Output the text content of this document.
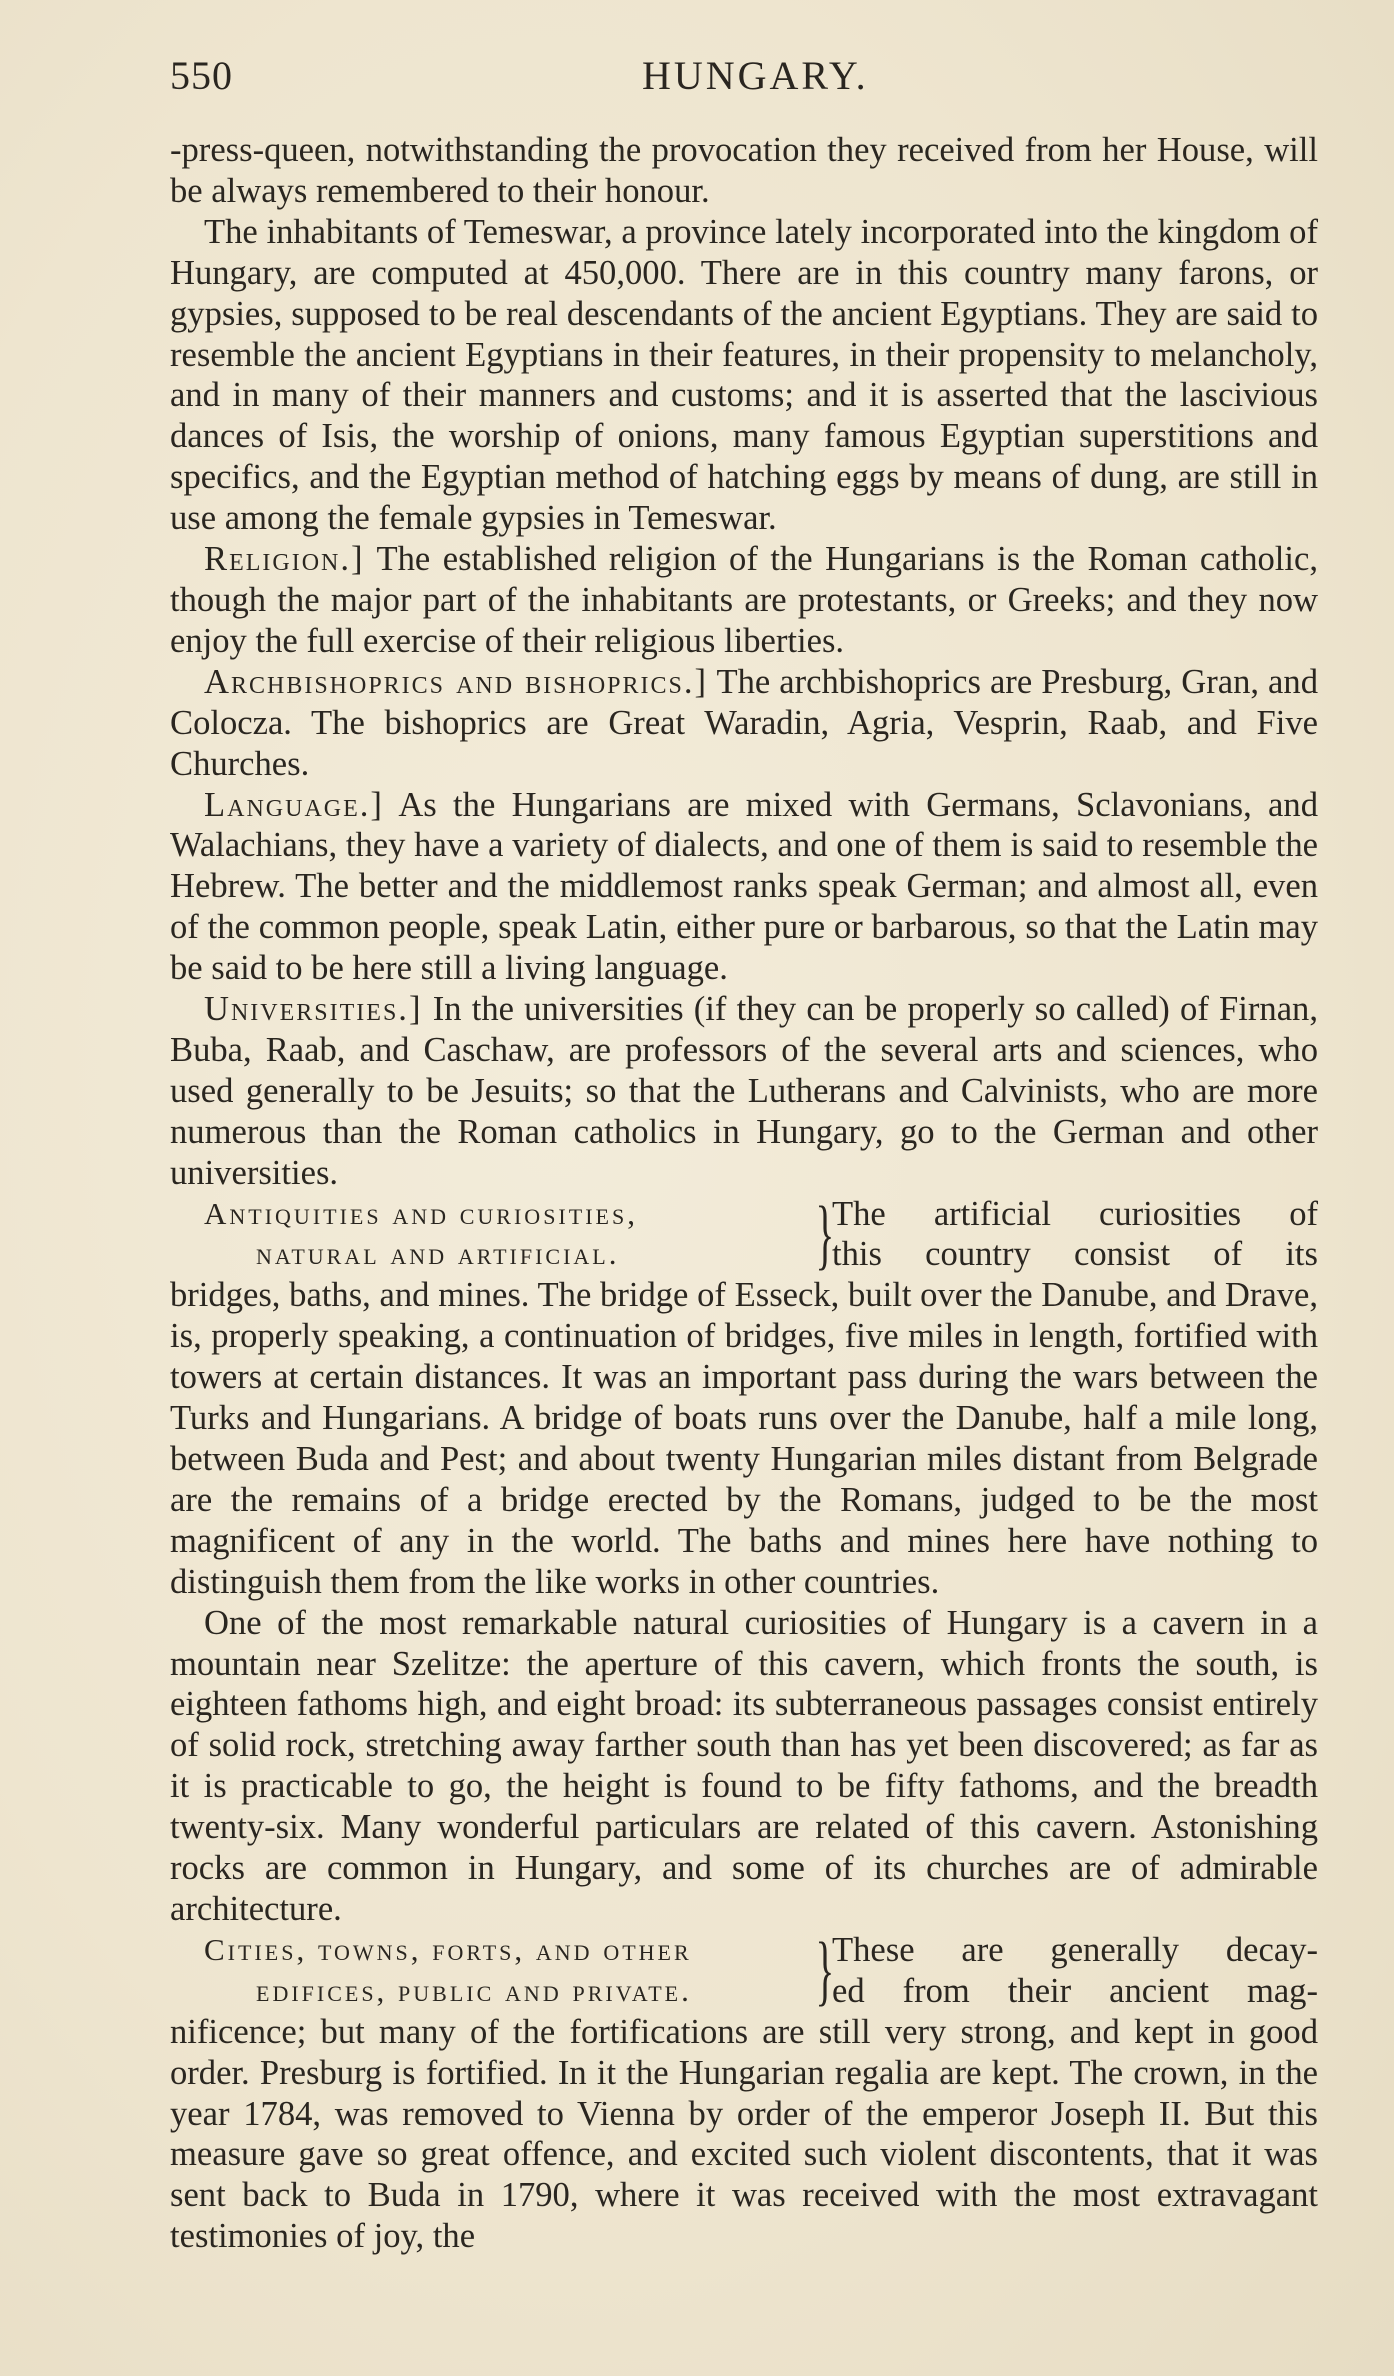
550	HUNGARY.

-press-queen, notwithstanding the provocation they received from her House, will be always remembered to their honour.

The inhabitants of Temeswar, a province lately incorporated into the kingdom of Hungary, are computed at 450,000. There are in this country many farons, or gypsies, supposed to be real descendants of the ancient Egyptians. They are said to resemble the ancient Egyptians in their features, in their propensity to melancholy, and in many of their manners and customs; and it is asserted that the lascivious dances of Isis, the worship of onions, many famous Egyptian superstitions and specifics, and the Egyptian method of hatching eggs by means of dung, are still in use among the female gypsies in Temeswar.

Religion.] The established religion of the Hungarians is the Roman catholic, though the major part of the inhabitants are protestants, or Greeks; and they now enjoy the full exercise of their religious liberties.

Archbishoprics and bishoprics.] The archbishoprics are Presburg, Gran, and Colocza. The bishoprics are Great Waradin, Agria, Vesprin, Raab, and Five Churches.

Language.] As the Hungarians are mixed with Germans, Sclavonians, and Walachians, they have a variety of dialects, and one of them is said to resemble the Hebrew. The better and the middlemost ranks speak German; and almost all, even of the common people, speak Latin, either pure or barbarous, so that the Latin may be said to be here still a living language.

Universities.] In the universities (if they can be properly so called) of Firnan, Buba, Raab, and Caschaw, are professors of the several arts and sciences, who used generally to be Jesuits; so that the Lutherans and Calvinists, who are more numerous than the Roman catholics in Hungary, go to the German and other universities.

Antiquities and curiosities,
natural and artificial.	}
The artificial curiosities of
this country consist of its

bridges, baths, and mines. The bridge of Esseck, built over the Danube, and Drave, is, properly speaking, a continuation of bridges, five miles in length, fortified with towers at certain distances. It was an important pass during the wars between the Turks and Hungarians. A bridge of boats runs over the Danube, half a mile long, between Buda and Pest; and about twenty Hungarian miles distant from Belgrade are the remains of a bridge erected by the Romans, judged to be the most magnificent of any in the world. The baths and mines here have nothing to distinguish them from the like works in other countries.

One of the most remarkable natural curiosities of Hungary is a cavern in a mountain near Szelitze: the aperture of this cavern, which fronts the south, is eighteen fathoms high, and eight broad: its subterraneous passages consist entirely of solid rock, stretching away farther south than has yet been discovered; as far as it is practicable to go, the height is found to be fifty fathoms, and the breadth twenty-six. Many wonderful particulars are related of this cavern. Astonishing rocks are common in Hungary, and some of its churches are of admirable architecture.

Cities, towns, forts, and other
edifices, public and private.	}
These are generally decay-
ed from their ancient mag-

nificence; but many of the fortifications are still very strong, and kept in good order. Presburg is fortified. In it the Hungarian regalia are kept. The crown, in the year 1784, was removed to Vienna by order of the emperor Joseph II. But this measure gave so great offence, and excited such violent discontents, that it was sent back to Buda in 1790, where it was received with the most extravagant testimonies of joy, the
